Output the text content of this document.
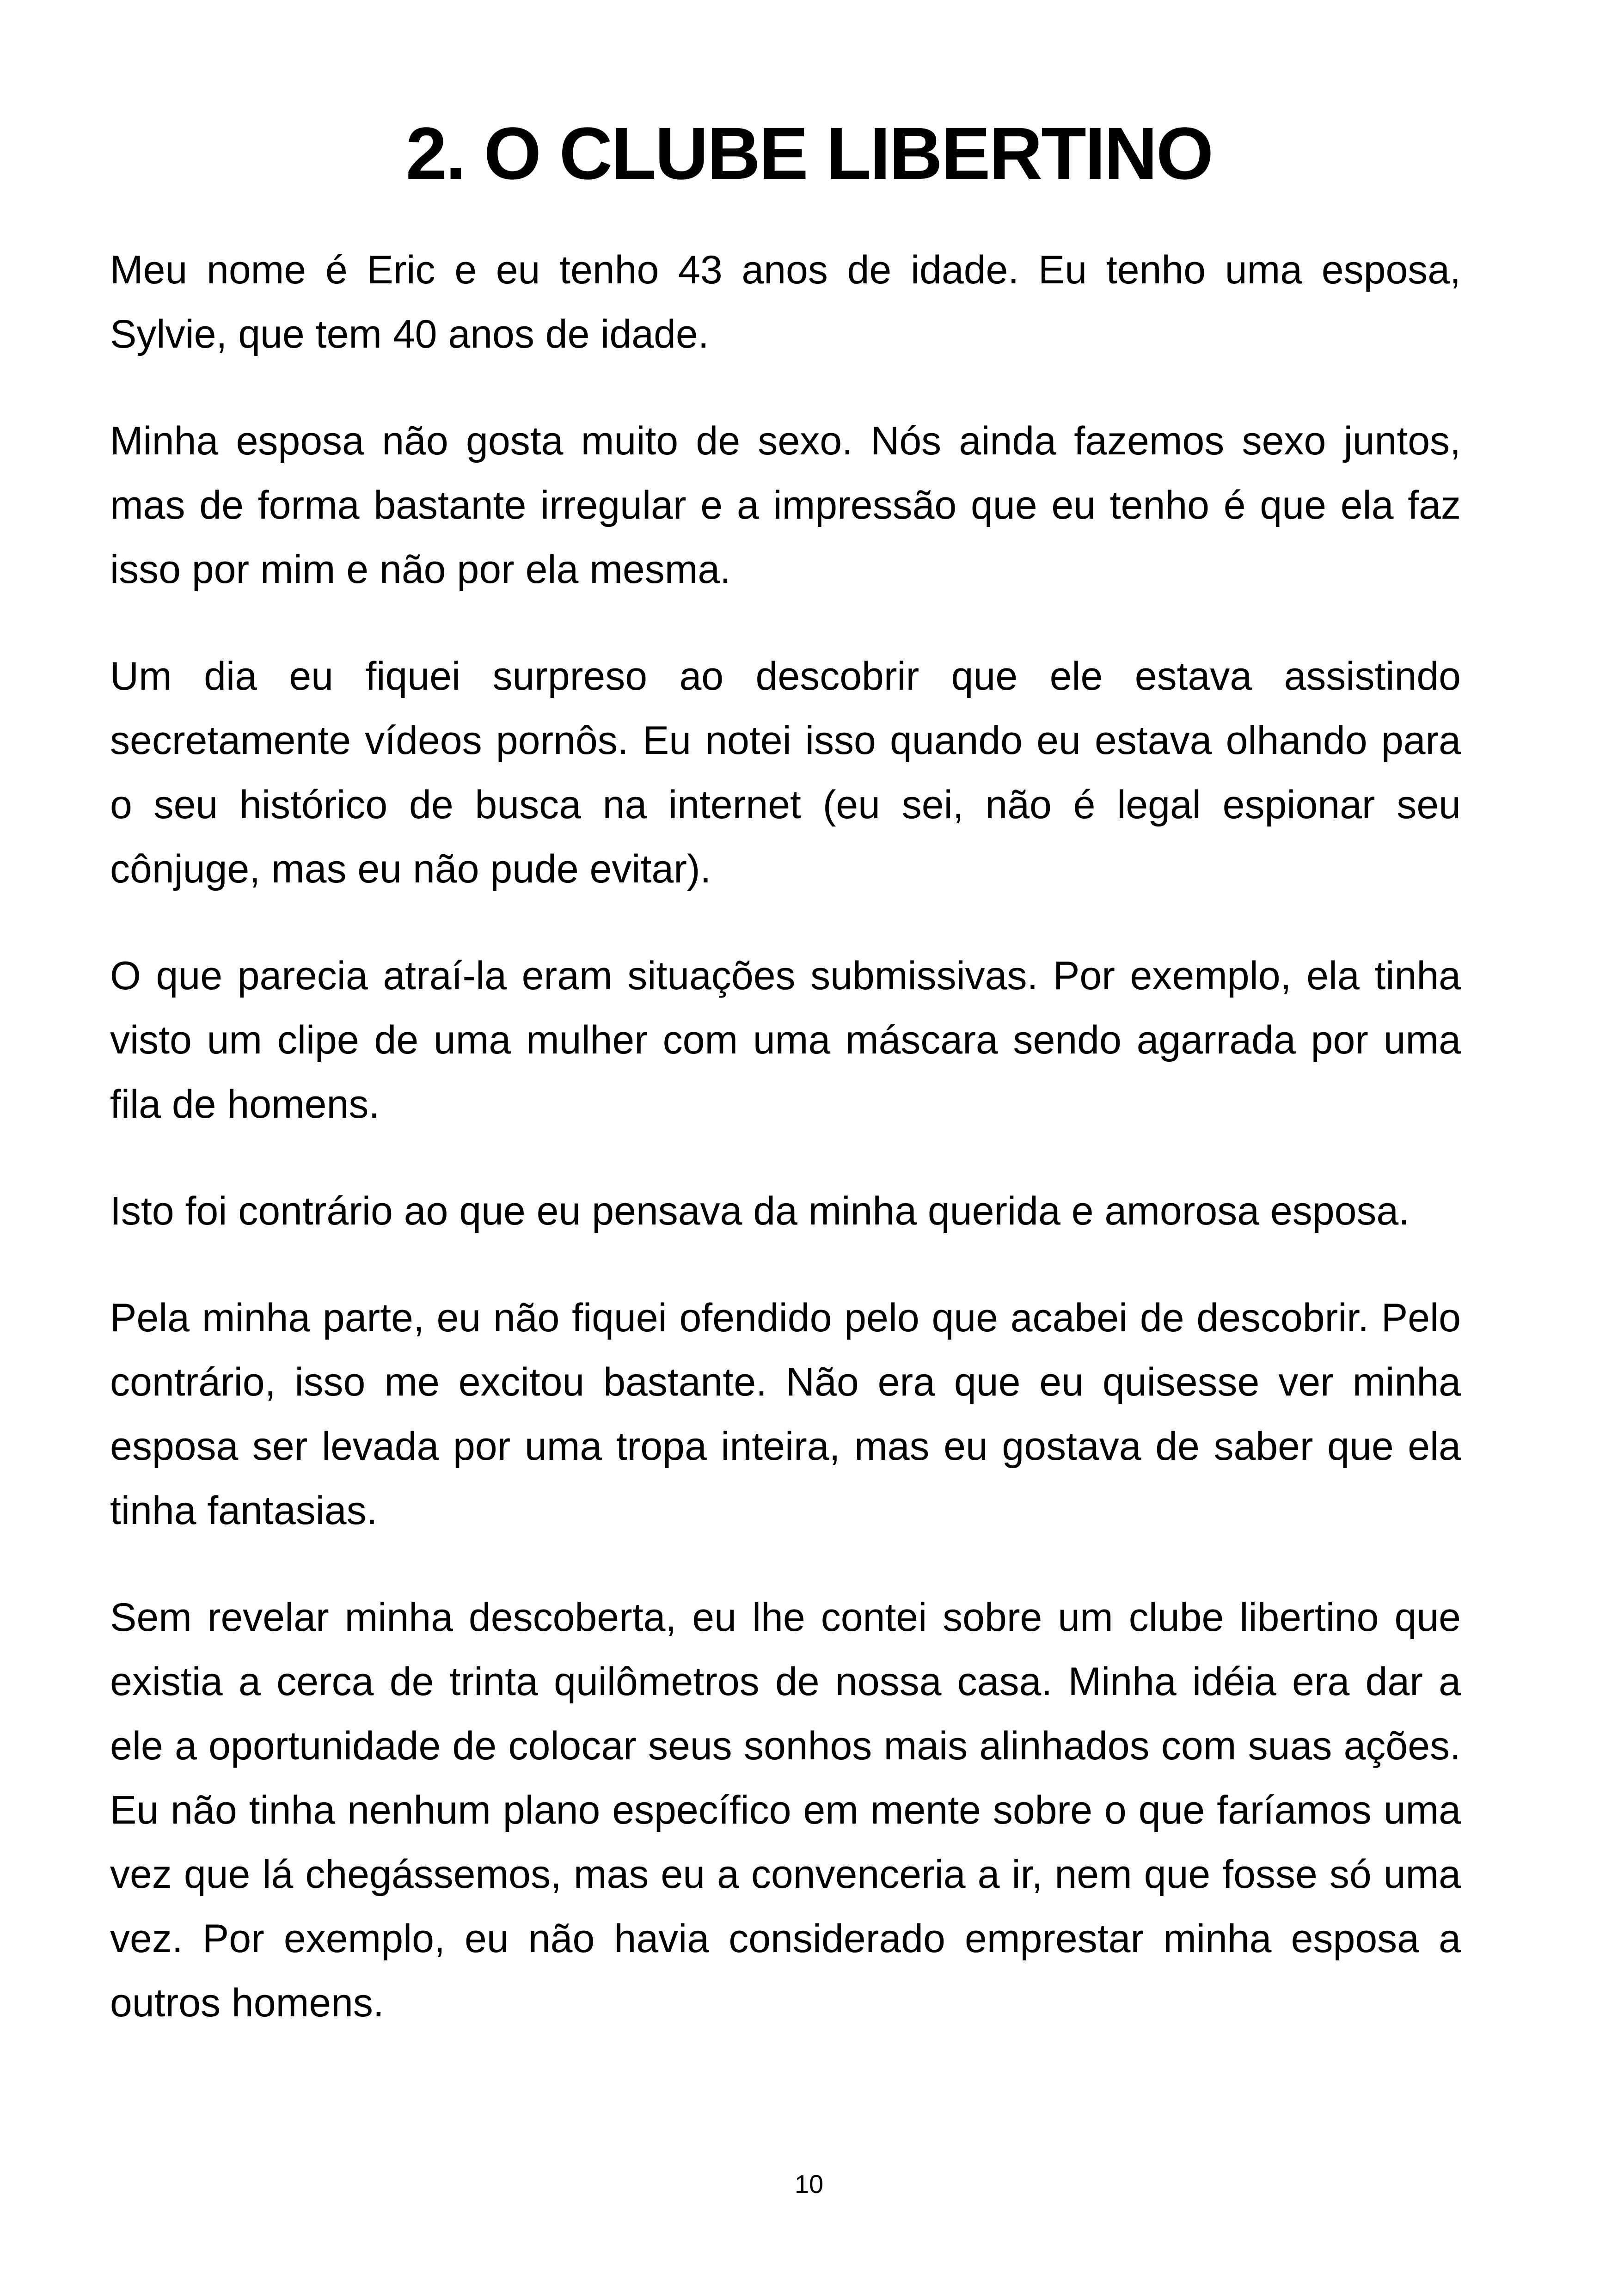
2. O CLUBE LIBERTINO

Meu nome é Eric e eu tenho 43 anos de idade. Eu tenho uma esposa, Sylvie, que tem 40 anos de idade.

Minha esposa não gosta muito de sexo. Nós ainda fazemos sexo juntos, mas de forma bastante irregular e a impressão que eu tenho é que ela faz isso por mim e não por ela mesma.

Um dia eu fiquei surpreso ao descobrir que ele estava assistindo secretamente vídeos pornôs. Eu notei isso quando eu estava olhando para o seu histórico de busca na internet (eu sei, não é legal espionar seu cônjuge, mas eu não pude evitar).

O que parecia atraí-la eram situações submissivas. Por exemplo, ela tinha visto um clipe de uma mulher com uma máscara sendo agarrada por uma fila de homens.

Isto foi contrário ao que eu pensava da minha querida e amorosa esposa.

Pela minha parte, eu não fiquei ofendido pelo que acabei de descobrir. Pelo contrário, isso me excitou bastante. Não era que eu quisesse ver minha esposa ser levada por uma tropa inteira, mas eu gostava de saber que ela tinha fantasias.

Sem revelar minha descoberta, eu lhe contei sobre um clube libertino que existia a cerca de trinta quilômetros de nossa casa. Minha idéia era dar a ele a oportunidade de colocar seus sonhos mais alinhados com suas ações. Eu não tinha nenhum plano específico em mente sobre o que faríamos uma vez que lá chegássemos, mas eu a convenceria a ir, nem que fosse só uma vez. Por exemplo, eu não havia considerado emprestar minha esposa a outros homens.

10
